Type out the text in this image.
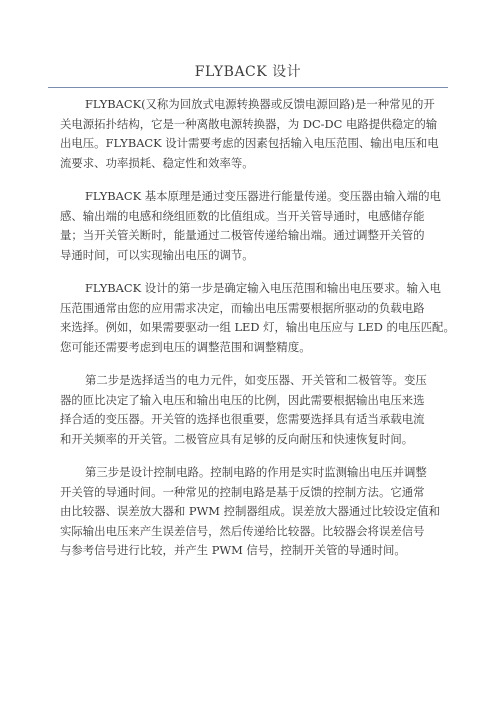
FLYBACK 设计
FLYBACK(又称为回放式电源转换器或反馈电源回路)是一种常见的开
关电源拓扑结构，它是一种离散电源转换器，为 DC-DC 电路提供稳定的输
出电压。FLYBACK 设计需要考虑的因素包括输入电压范围、输出电压和电
流要求、功率损耗、稳定性和效率等。
FLYBACK 基本原理是通过变压器进行能量传递。变压器由输入端的电
感、输出端的电感和绕组匝数的比值组成。当开关管导通时，电感储存能
量；当开关管关断时，能量通过二极管传递给输出端。通过调整开关管的
导通时间，可以实现输出电压的调节。
FLYBACK 设计的第一步是确定输入电压范围和输出电压要求。输入电
压范围通常由您的应用需求决定，而输出电压需要根据所驱动的负载电路
来选择。例如，如果需要驱动一组 LED 灯，输出电压应与 LED 的电压匹配。
您可能还需要考虑到电压的调整范围和调整精度。
第二步是选择适当的电力元件，如变压器、开关管和二极管等。变压
器的匝比决定了输入电压和输出电压的比例，因此需要根据输出电压来选
择合适的变压器。开关管的选择也很重要，您需要选择具有适当承载电流
和开关频率的开关管。二极管应具有足够的反向耐压和快速恢复时间。
第三步是设计控制电路。控制电路的作用是实时监测输出电压并调整
开关管的导通时间。一种常见的控制电路是基于反馈的控制方法。它通常
由比较器、误差放大器和 PWM 控制器组成。误差放大器通过比较设定值和
实际输出电压来产生误差信号，然后传递给比较器。比较器会将误差信号
与参考信号进行比较，并产生 PWM 信号，控制开关管的导通时间。
